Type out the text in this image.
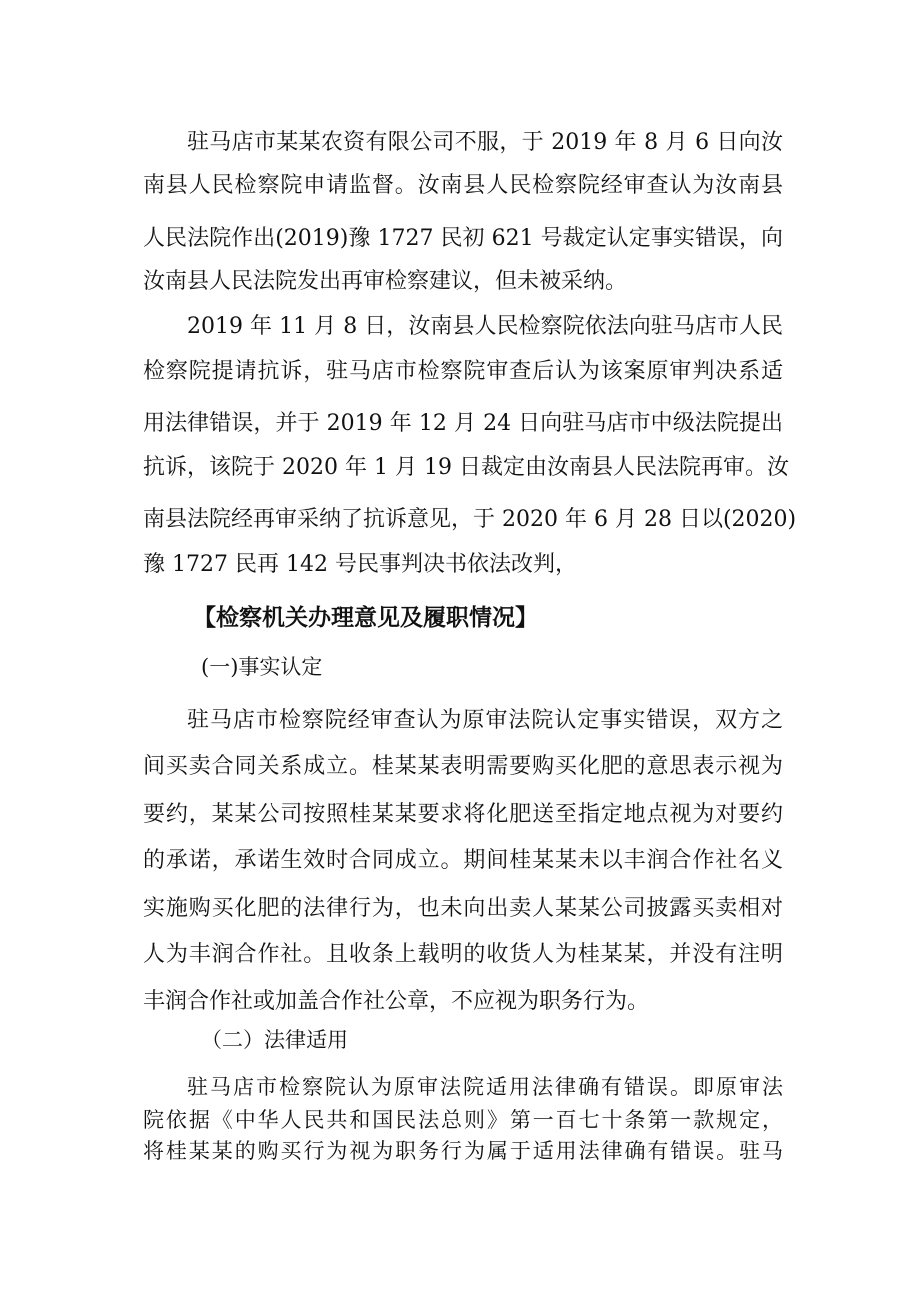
驻马店市某某农资有限公司不服，于 2019 年 8 月 6 日向汝
南县人民检察院申请监督。汝南县人民检察院经审查认为汝南县
人民法院作出(2019)豫 1727 民初 621 号裁定认定事实错误，向
汝南县人民法院发出再审检察建议，但未被采纳。
2019 年 11 月 8 日，汝南县人民检察院依法向驻马店市人民
检察院提请抗诉，驻马店市检察院审查后认为该案原审判决系适
用法律错误，并于 2019 年 12 月 24 日向驻马店市中级法院提出
抗诉，该院于 2020 年 1 月 19 日裁定由汝南县人民法院再审。汝
南县法院经再审采纳了抗诉意见，于 2020 年 6 月 28 日以(2020)
豫 1727 民再 142 号民事判决书依法改判，
【检察机关办理意见及履职情况】
(一)事实认定
驻马店市检察院经审查认为原审法院认定事实错误，双方之
间买卖合同关系成立。桂某某表明需要购买化肥的意思表示视为
要约，某某公司按照桂某某要求将化肥送至指定地点视为对要约
的承诺，承诺生效时合同成立。期间桂某某未以丰润合作社名义
实施购买化肥的法律行为，也未向出卖人某某公司披露买卖相对
人为丰润合作社。且收条上载明的收货人为桂某某，并没有注明
丰润合作社或加盖合作社公章，不应视为职务行为。
（二）法律适用
驻马店市检察院认为原审法院适用法律确有错误。即原审法
院依据《中华人民共和国民法总则》第一百七十条第一款规定，
将桂某某的购买行为视为职务行为属于适用法律确有错误。驻马
